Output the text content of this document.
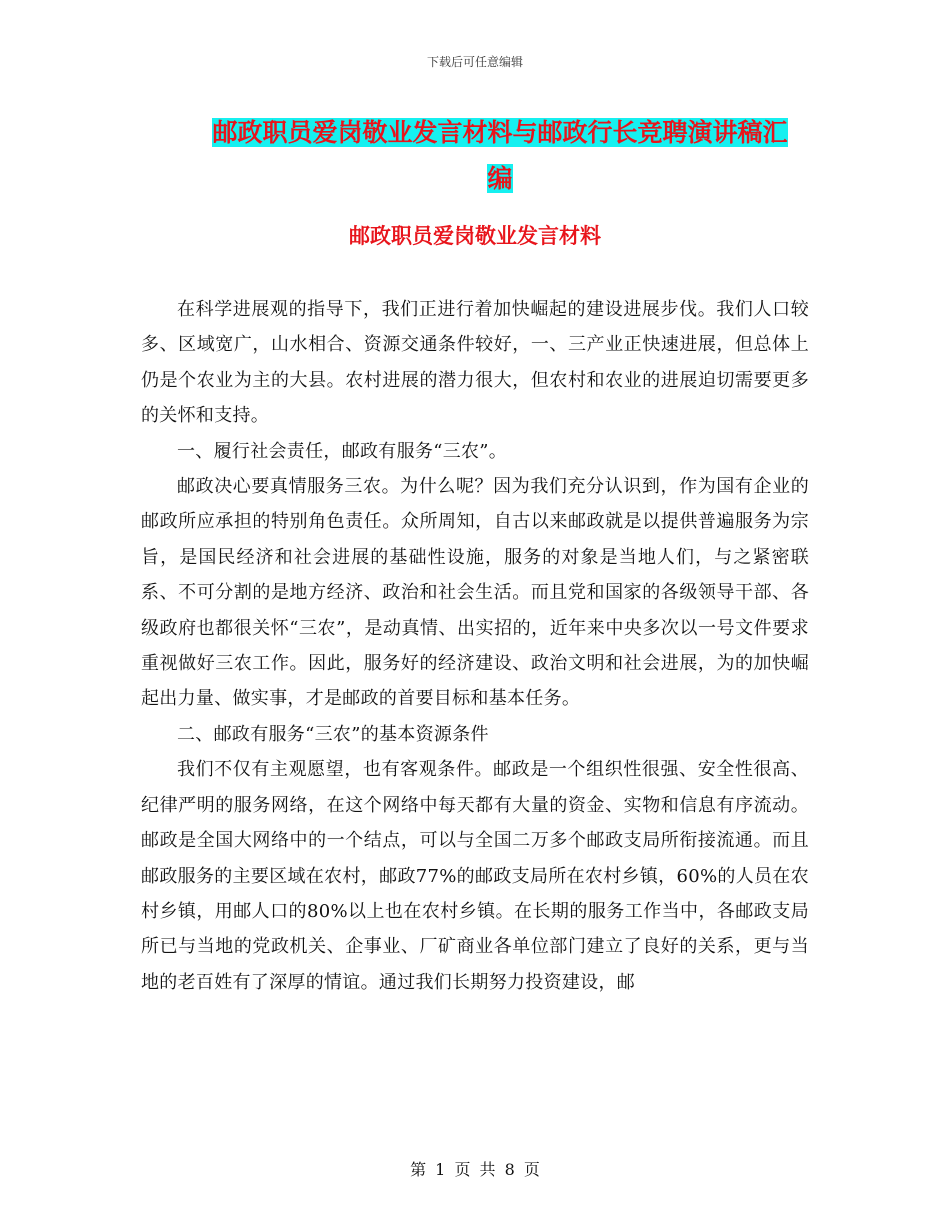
下载后可任意编辑
邮政职员爱岗敬业发言材料与邮政行长竞聘演讲稿汇
编
邮政职员爱岗敬业发言材料

在科学进展观的指导下，我们正进行着加快崛起的建设进展步伐。我们人口较多、区域宽广，山水相合、资源交通条件较好，一、三产业正快速进展，但总体上仍是个农业为主的大县。农村进展的潜力很大，但农村和农业的进展迫切需要更多的关怀和支持。

一、履行社会责任，邮政有服务“三农”。

邮政决心要真情服务三农。为什么呢？因为我们充分认识到，作为国有企业的邮政所应承担的特别角色责任。众所周知，自古以来邮政就是以提供普遍服务为宗旨，是国民经济和社会进展的基础性设施，服务的对象是当地人们，与之紧密联系、不可分割的是地方经济、政治和社会生活。而且党和国家的各级领导干部、各级政府也都很关怀“三农”，是动真情、出实招的，近年来中央多次以一号文件要求重视做好三农工作。因此，服务好的经济建设、政治文明和社会进展，为的加快崛起出力量、做实事，才是邮政的首要目标和基本任务。

二、邮政有服务“三农”的基本资源条件

我们不仅有主观愿望，也有客观条件。邮政是一个组织性很强、安全性很高、纪律严明的服务网络，在这个网络中每天都有大量的资金、实物和信息有序流动。邮政是全国大网络中的一个结点，可以与全国二万多个邮政支局所衔接流通。而且邮政服务的主要区域在农村，邮政77%的邮政支局所在农村乡镇，60%的人员在农村乡镇，用邮人口的80%以上也在农村乡镇。在长期的服务工作当中，各邮政支局所已与当地的党政机关、企事业、厂矿商业各单位部门建立了良好的关系，更与当地的老百姓有了深厚的情谊。通过我们长期努力投资建设，邮

第 1 页 共 8 页
